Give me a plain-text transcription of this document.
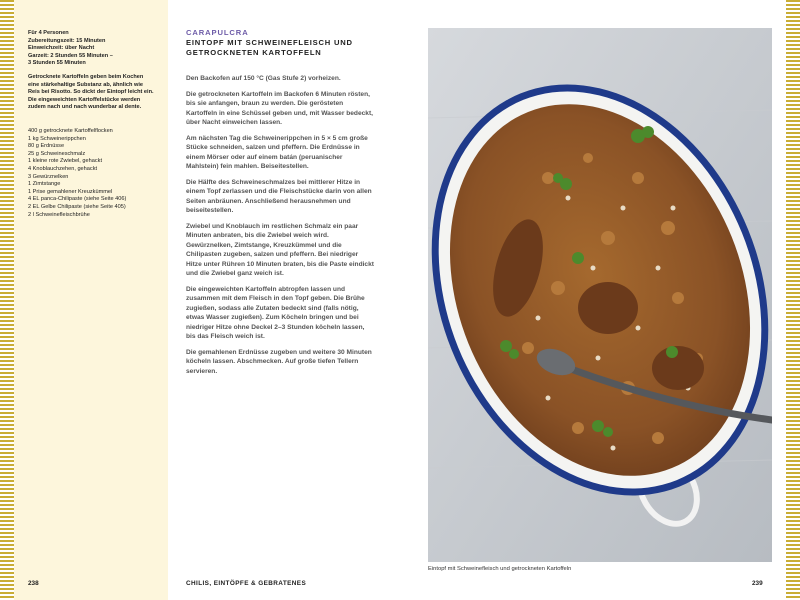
Für 4 Personen
Zubereitungszeit: 15 Minuten
Einweichzeit: über Nacht
Garzeit: 2 Stunden 55 Minuten –
3 Stunden 55 Minuten

Getrocknete Kartoffeln geben beim Kochen eine stärkehaltige Substanz ab, ähnlich wie Reis bei Risotto. So dickt der Eintopf leicht ein. Die eingeweichten Kartoffelstücke werden zudem nach und nach wunderbar al dente.

400 g getrocknete Kartoffelflocken
1 kg Schweinerippchen
80 g Erdnüsse
25 g Schweineschmalz
1 kleine rote Zwiebel, gehackt
4 Knoblauchzehen, gehackt
3 Gewürznelken
1 Zimtstange
1 Prise gemahlener Kreuzkümmel
4 EL panca-Chilipaste (siehe Seite 406)
2 EL Gelbe Chilipaste (siehe Seite 405)
2 l Schweinefleischbrühe
CARAPULCRA
EINTOPF MIT SCHWEINEFLEISCH UND
GETROCKNETEN KARTOFFELN

Den Backofen auf 150 °C (Gas Stufe 2) vorheizen.

Die getrockneten Kartoffeln im Backofen 6 Minuten rösten, bis sie anfangen, braun zu werden. Die gerösteten Kartoffeln in eine Schüssel geben und, mit Wasser bedeckt, über Nacht einweichen lassen.

Am nächsten Tag die Schweinerippchen in 5 × 5 cm große Stücke schneiden, salzen und pfeffern. Die Erdnüsse in einem Mörser oder auf einem batán (peruanischer Mahlstein) fein mahlen. Beiseitestellen.

Die Hälfte des Schweineschmalzes bei mittlerer Hitze in einem Topf zerlassen und die Fleischstücke darin von allen Seiten anbräunen. Anschließend herausnehmen und beiseitestellen.

Zwiebel und Knoblauch im restlichen Schmalz ein paar Minuten anbraten, bis die Zwiebel weich wird. Gewürznelken, Zimtstange, Kreuzkümmel und die Chilipasten zugeben, salzen und pfeffern. Bei niedriger Hitze unter Rühren 10 Minuten braten, bis die Paste eindickt und die Zwiebel ganz weich ist.

Die eingeweichten Kartoffeln abtropfen lassen und zusammen mit dem Fleisch in den Topf geben. Die Brühe zugießen, sodass alle Zutaten bedeckt sind (falls nötig, etwas Wasser zugießen). Zum Köcheln bringen und bei niedriger Hitze ohne Deckel 2–3 Stunden köcheln lassen, bis das Fleisch weich ist.

Die gemahlenen Erdnüsse zugeben und weitere 30 Minuten köcheln lassen. Abschmecken. Auf große tiefen Tellern servieren.

Eintopf mit Schweinefleisch und getrockneten Kartoffeln
238	CHILIS, EINTÖPFE & GEBRATENES	239
